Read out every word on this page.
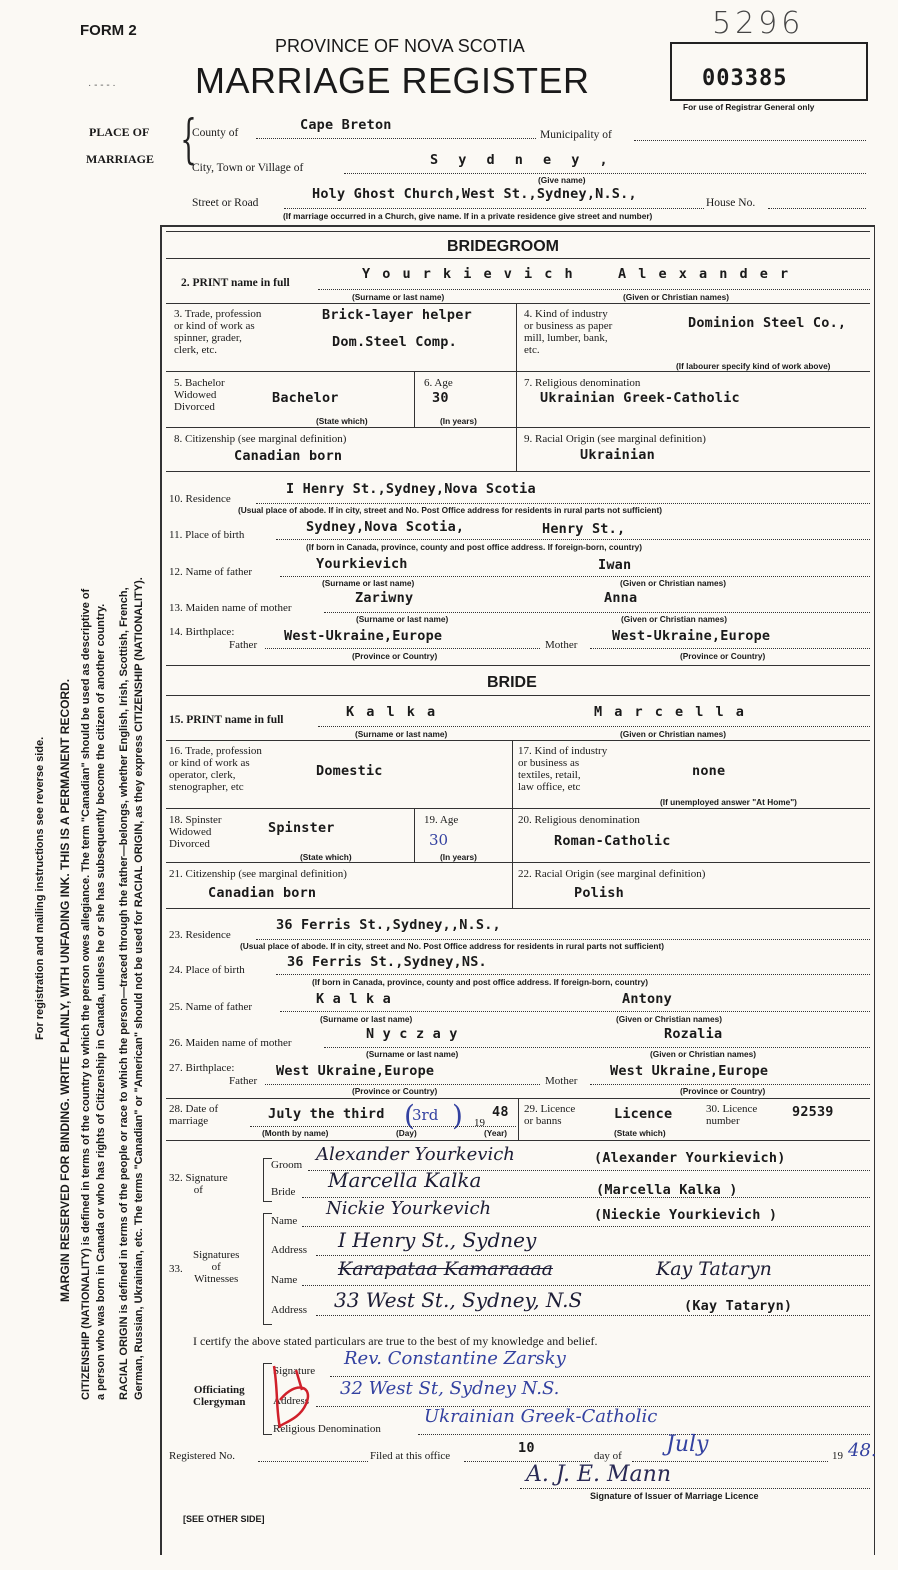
FORM 2	5296
PROVINCE OF NOVA SCOTIA
MARRIAGE REGISTER	003385
For use of Registrar General only
· - - - ·
PLACE OF
MARRIAGE {
County of	Cape Breton
Municipality of
City, Town or Village of	S y d n e y ,
(Give name)
Street or Road
Holy Ghost Church,West St.,Sydney,N.S.,
House No.
(If marriage occurred in a Church, give name. If in a private residence give street and number)
MARGIN RESERVED FOR BINDING. WRITE PLAINLY, WITH UNFADING INK. THIS IS A PERMANENT RECORD.
For registration and mailing instructions see reverse side.	CITIZENSHIP (NATIONALITY) is defined in terms of the country to which the person owes allegiance. The term "Canadian" should be used as descriptive of a person who was born in Canada or who has rights of Citizenship in Canada, unless he or she has subsequently become the citizen of another country. RACIAL ORIGIN is defined in terms of the people or race to which the person—traced through the father—belongs, whether English, Irish, Scottish, French, German, Russian, Ukrainian, etc. The terms "Canadian" or "American" should not be used for RACIAL ORIGIN, as they express CITIZENSHIP (NATIONALITY).
BRIDEGROOM
2. PRINT name in full
Y o u r k i e v i c h	A l e x a n d e r
(Surname or last name)	(Given or Christian names)
3. Trade, profession
or kind of work as
spinner, grader,
clerk, etc.
Brick-layer helper
Dom.Steel Comp.
4. Kind of industry
or business as paper
mill, lumber, bank,
etc.
Dominion Steel Co.,
(If labourer specify kind of work above)
5. Bachelor
Widowed
Divorced
Bachelor
(State which)
6. Age
30
(In years)
7. Religious denomination
Ukrainian Greek-Catholic
8. Citizenship (see marginal definition)
Canadian born
9. Racial Origin (see marginal definition)
Ukrainian
10. Residence
I Henry St.,Sydney,Nova Scotia
(Usual place of abode. If in city, street and No. Post Office address for residents in rural parts not sufficient)
11. Place of birth	Sydney,Nova Scotia,	Henry St.,
(If born in Canada, province, county and post office address. If foreign-born, country)
12. Name of father	Yourkievich	Iwan
(Surname or last name)	(Given or Christian names)
13. Maiden name of mother
Zariwny	Anna
(Surname or last name)	(Given or Christian names)
14. Birthplace:
Father
West-Ukraine,Europe
Mother
West-Ukraine,Europe
(Province or Country)	(Province or Country)
BRIDE
15. PRINT name in full	K a l k a	M a r c e l l a
(Surname or last name)	(Given or Christian names)
16. Trade, profession
or kind of work as
operator, clerk,
stenographer, etc
Domestic
17. Kind of industry
or business as
textiles, retail,
law office, etc
none
(If unemployed answer "At Home")
18. Spinster
Widowed
Divorced
Spinster
(State which)
19. Age
30
(In years)
20. Religious denomination
Roman-Catholic
21. Citizenship (see marginal definition)
Canadian born
22. Racial Origin (see marginal definition)
Polish
23. Residence
36 Ferris St.,Sydney,,N.S.,
(Usual place of abode. If in city, street and No. Post Office address for residents in rural parts not sufficient)
24. Place of birth	36 Ferris St.,Sydney,NS.
(If born in Canada, province, county and post office address. If foreign-born, country)
25. Name of father	K a l k a	Antony
(Surname or last name)	(Given or Christian names)
26. Maiden name of mother
N y c z a y	Rozalia
(Surname or last name)	(Given or Christian names)
27. Birthplace:
Father
West Ukraine,Europe
Mother
West Ukraine,Europe
(Province or Country)	(Province or Country)
28. Date of
marriage	July the third 3rd
( ) 19
48
(Month by name)	(Day)	(Year)
29. Licence
or banns	Licence
(State which)
30. Licence
number
92539
32. Signature
of
Groom Alexander Yourkevich	(Alexander Yourkievich)
Bride Marcella Kalka	(Marcella Kalka )
Signatures
of
Witnesses
33.
Name
Nickie Yourkevich	(Nieckie Yourkievich )
Address I Henry St., Sydney
Name Karapataa Kamaraaaa	Kay Tataryn
Address 33 West St., Sydney, N.S	(Kay Tataryn)
I certify the above stated particulars are true to the best of my knowledge and belief.
Officiating
Clergyman
Signature
Rev. Constantine Zarsky
Address
32 West St, Sydney N.S.
Religious Denomination
Ukrainian Greek-Catholic
Registered No.	Filed at this office	10	day of July	19 48.
A. J. E. Mann
Signature of Issuer of Marriage Licence
[SEE OTHER SIDE]
